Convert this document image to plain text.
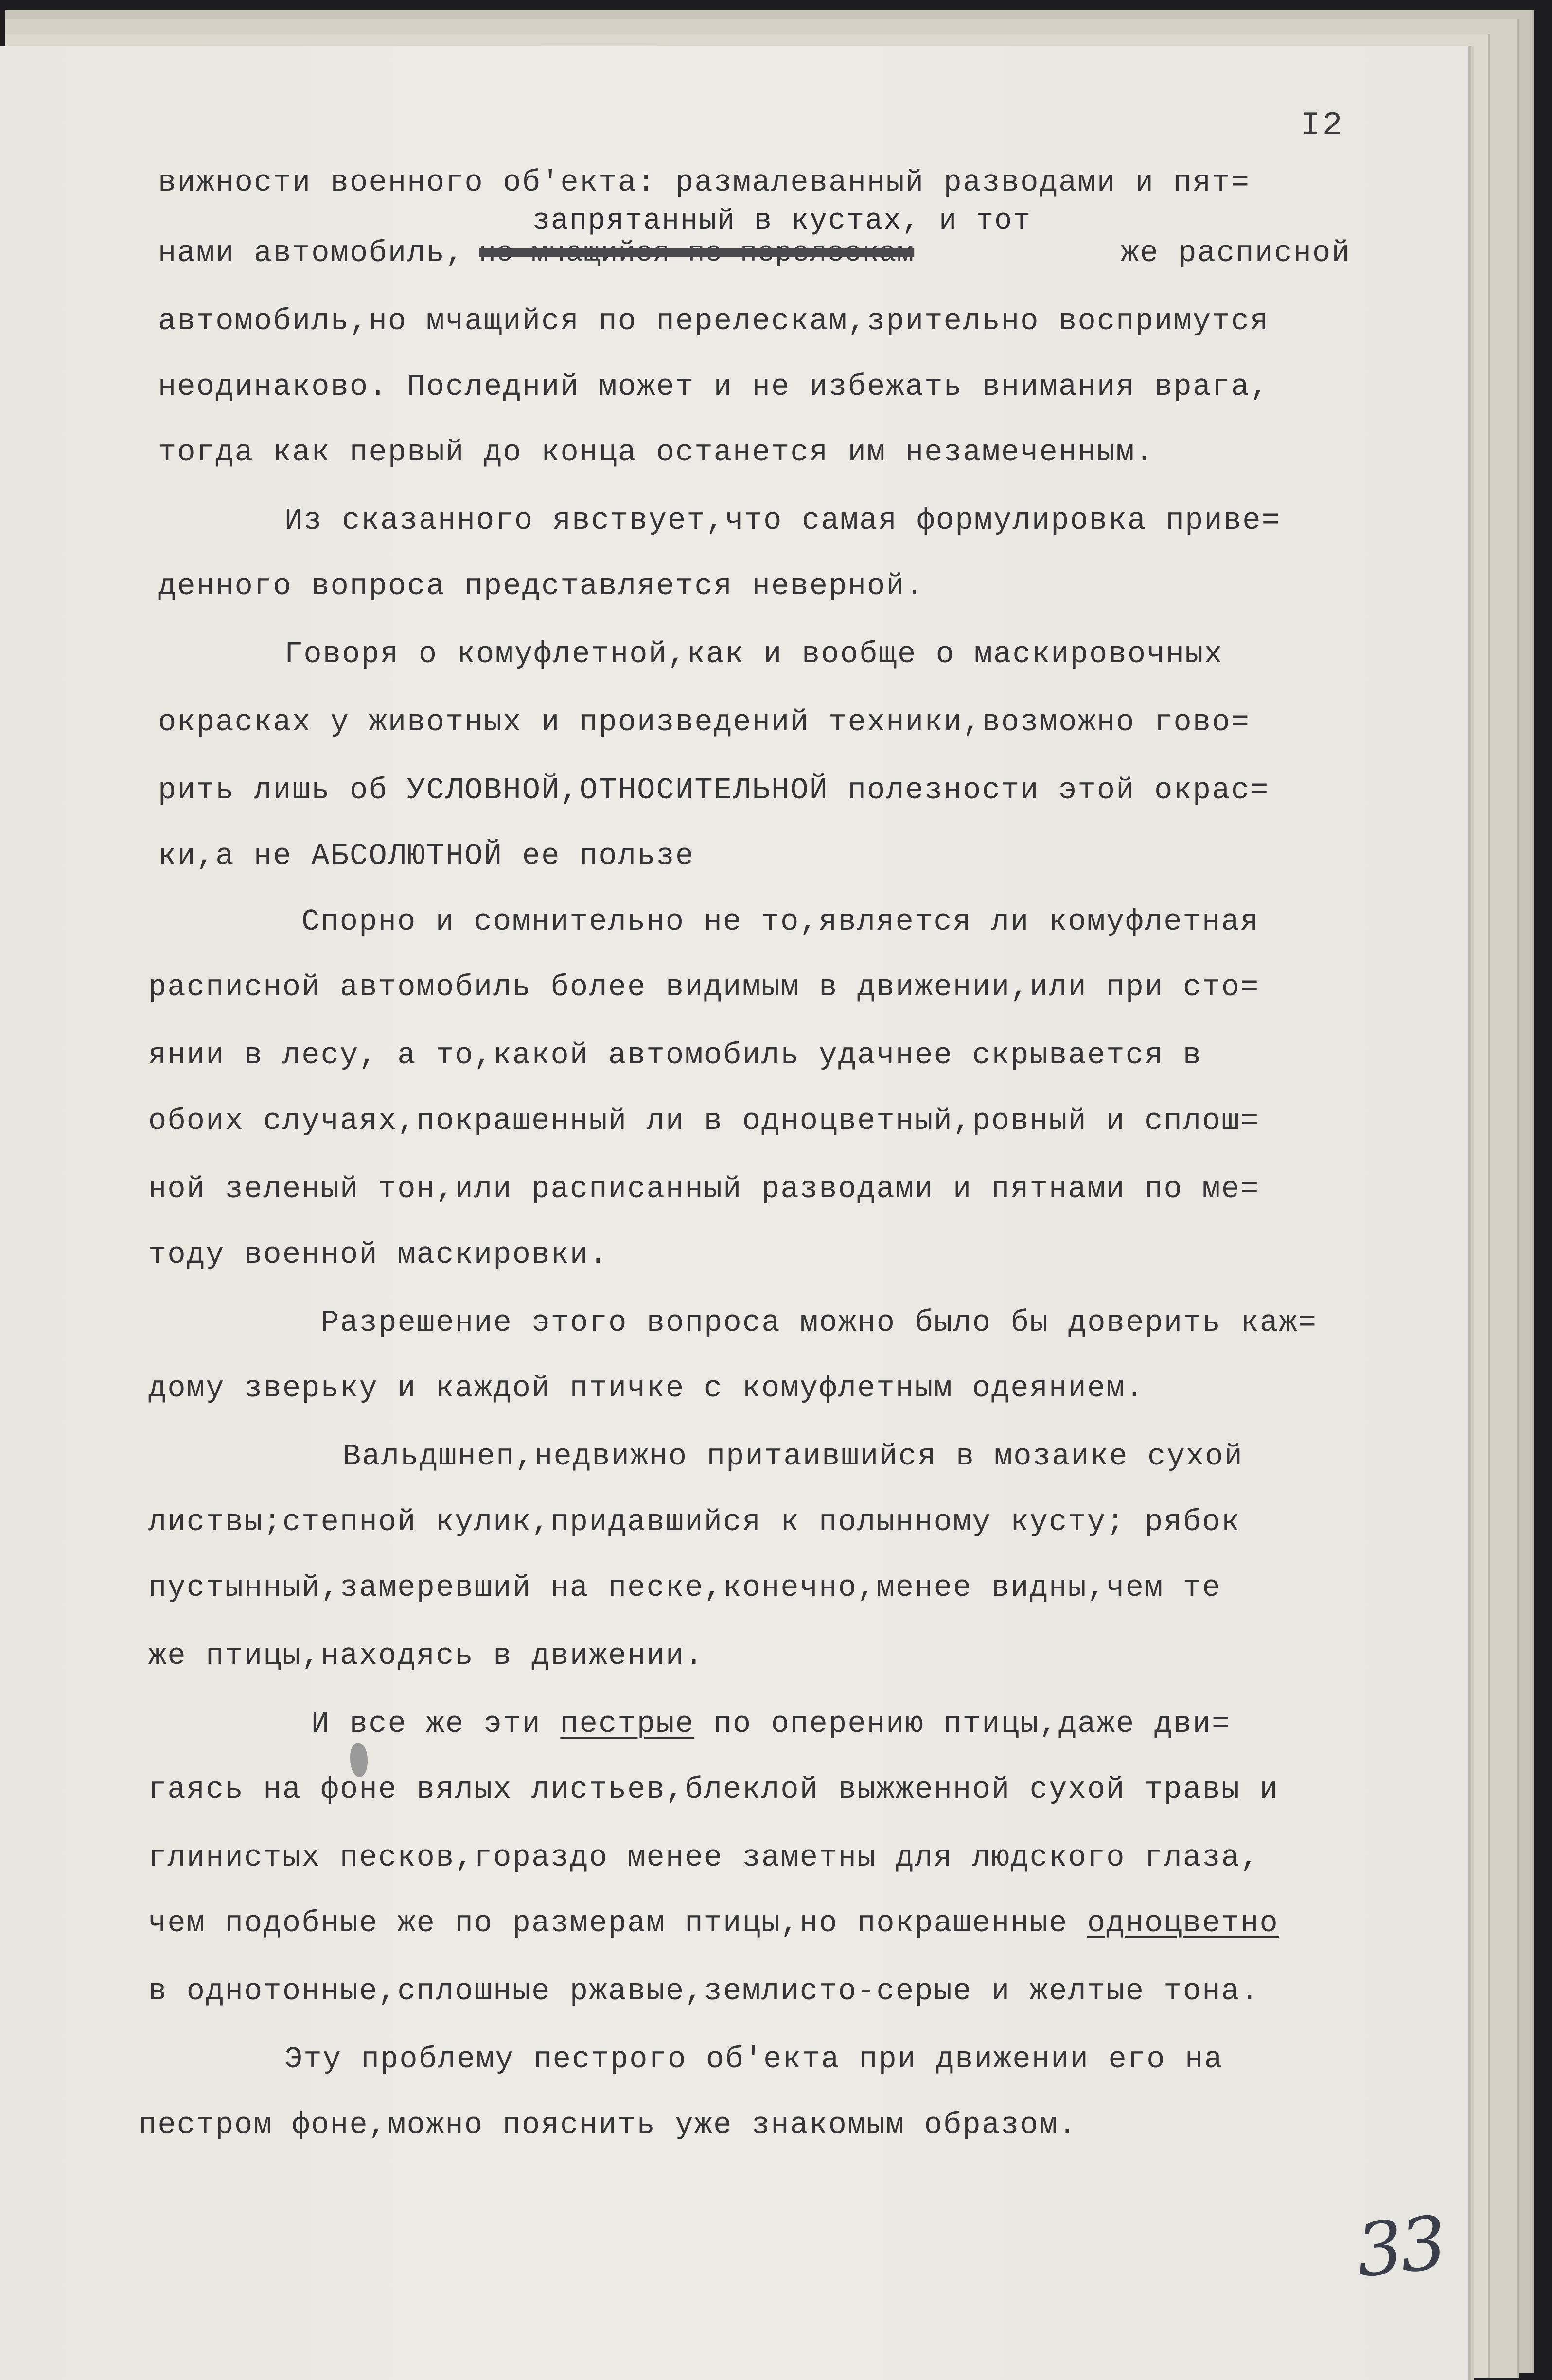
I2
вижности военного об'екта: размалеванный разводами и пят=
запрятанный в кустах, и тот
нами автомобиль, но мчащийся по перелескам	же расписной
автомобиль,но мчащийся по перелескам,зрительно воспримутся
неодинаково. Последний может и не избежать внимания врага,
тогда как первый до конца останется им незамеченным.
Из сказанного явствует,что самая формулировка приве=
денного вопроса представляется неверной.
Говоря о комуфлетной,как и вообще о маскировочных
окрасках у животных и произведений техники,возможно гово=
рить лишь об УСЛОВНОЙ,ОТНОСИТЕЛЬНОЙ полезности этой окрас=
ки,а не АБСОЛЮТНОЙ ее пользе
Спорно и сомнительно не то,является ли комуфлетная
расписной автомобиль более видимым в движении,или при сто=
янии в лесу, а то,какой автомобиль удачнее скрывается в
обоих случаях,покрашенный ли в одноцветный,ровный и сплош=
ной зеленый тон,или расписанный разводами и пятнами по ме=
тоду военной маскировки.
Разрешение этого вопроса можно было бы доверить каж=
дому зверьку и каждой птичке с комуфлетным одеянием.
Вальдшнеп,недвижно притаившийся в мозаике сухой
листвы;степной кулик,придавшийся к полынному кусту; рябок
пустынный,замеревший на песке,конечно,менее видны,чем те
же птицы,находясь в движении.
И все же эти пестрые по оперению птицы,даже дви=
гаясь на фоне вялых листьев,блеклой выжженной сухой травы и
глинистых песков,гораздо менее заметны для людского глаза,
чем подобные же по размерам птицы,но покрашенные одноцветно
в однотонные,сплошные ржавые,землисто-серые и желтые тона.
Эту проблему пестрого об'екта при движении его на
пестром фоне,можно пояснить уже знакомым образом.
33
